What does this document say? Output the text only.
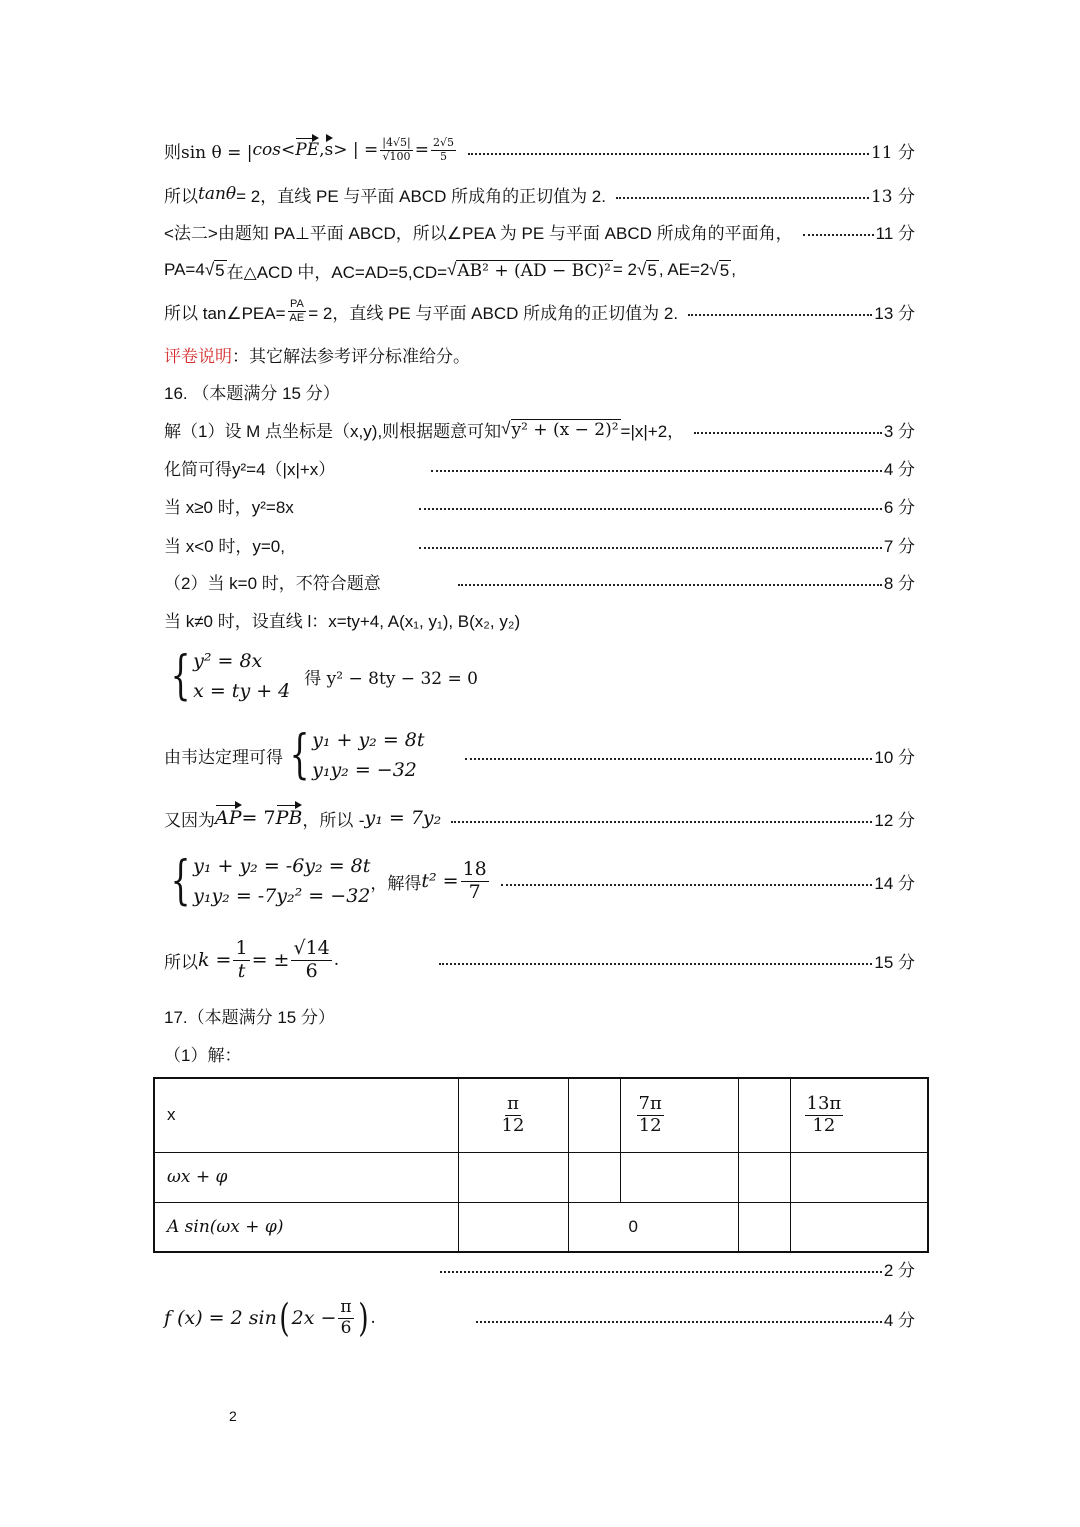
则sin θ = | cos < PE , s > | = $\frac{|4√5|}{√100} = \frac{2√5}{5}$	11 分
所以 tanθ = 2，直线 PE 与平面 ABCD 所成角的正切值为 2.	13 分
<法二>由题知 PA⊥平面 ABCD，所以∠PEA 为 PE 与平面 ABCD 所成角的平面角，	11 分
PA=4 √ 5 在△ACD 中，AC=AD=5,CD= √ AB² + (AD − BC)² = 2 √ 5 , AE=2 √ 5 ,
所以 tan∠PEA= $\frac{PA}{AE} = 2$，直线 PE 与平面 ABCD 所成角的正切值为 2.	13 分
评卷说明 ：其它解法参考评分标准给分。
16. （本题满分 15 分）
解（1）设 M 点坐标是（x,y),则根据题意可知 √ y² + (x − 2)² =|x|+2，	3 分
化简可得y²=4（|x|+x）	4 分
当 x≥0 时，y²=8x	6 分
当 x<0 时，y=0,	7 分
（2）当 k=0 时，不符合题意	8 分
当 k≠0 时，设直线 l：x=ty+4, A(x₁, y₁), B(x₂, y₂)
{ y² = 8x
x = ty + 4
得 y² − 8ty − 32 = 0
由韦达定理可得 { y₁ + y₂ = 8t
y₁y₂ = −32
10 分
又因为 AP = 7 PB ，所以 - y₁ = 7y₂	12 分
{ y₁ + y₂ = -6y₂ = 8t
y₁y₂ = -7y₂² = −32
，解得 $t^2 = \frac{18}{7}$	14 分
所以 $k = \frac{1}{t}$ = ± $\frac{√14}{6}$ .	15 分
17.（本题满分 15 分）
（1）解：
x	$\frac{\pi}{12}$		$\frac{7\pi}{12}$		$\frac{13\pi}{12}$

ωx + φ					
A sin(ωx + φ)		0			
2 分
f (x) = 2 sin ( $2x - \frac{\pi}{6}$ ) .	4 分
2
